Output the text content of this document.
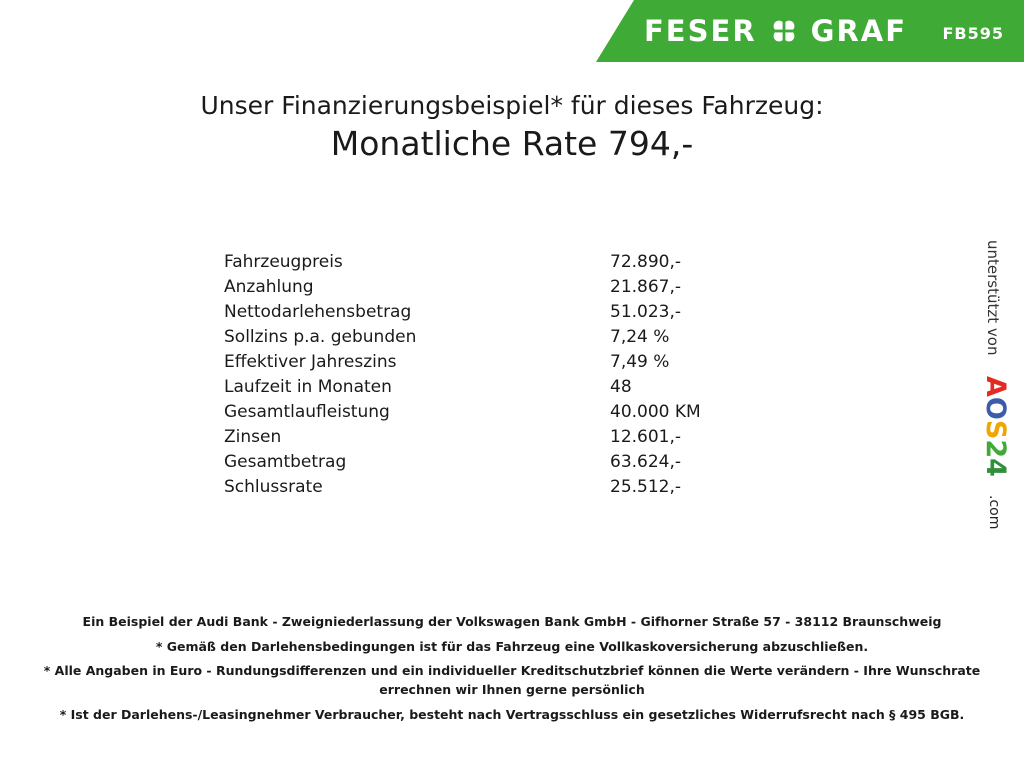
FESER GRAF FB595
Unser Finanzierungsbeispiel* für dieses Fahrzeug:
Monatliche Rate 794,-
Fahrzeugpreis	72.890,-
Anzahlung	21.867,-
Nettodarlehensbetrag	51.023,-
Sollzins p.a. gebunden	7,24 %
Effektiver Jahreszins	7,49 %
Laufzeit in Monaten	48
Gesamtlaufleistung	40.000 KM
Zinsen	12.601,-
Gesamtbetrag	63.624,-
Schlussrate	25.512,-
unterstützt von
AOS24
.com

Ein Beispiel der Audi Bank - Zweigniederlassung der Volkswagen Bank GmbH - Gifhorner Straße 57 - 38112 Braunschweig

* Gemäß den Darlehensbedingungen ist für das Fahrzeug eine Vollkaskoversicherung abzuschließen.

* Alle Angaben in Euro - Rundungsdifferenzen und ein individueller Kreditschutzbrief können die Werte verändern - Ihre Wunschrate errechnen wir Ihnen gerne persönlich

* Ist der Darlehens-/Leasingnehmer Verbraucher, besteht nach Vertragsschluss ein gesetzliches Widerrufsrecht nach § 495 BGB.
